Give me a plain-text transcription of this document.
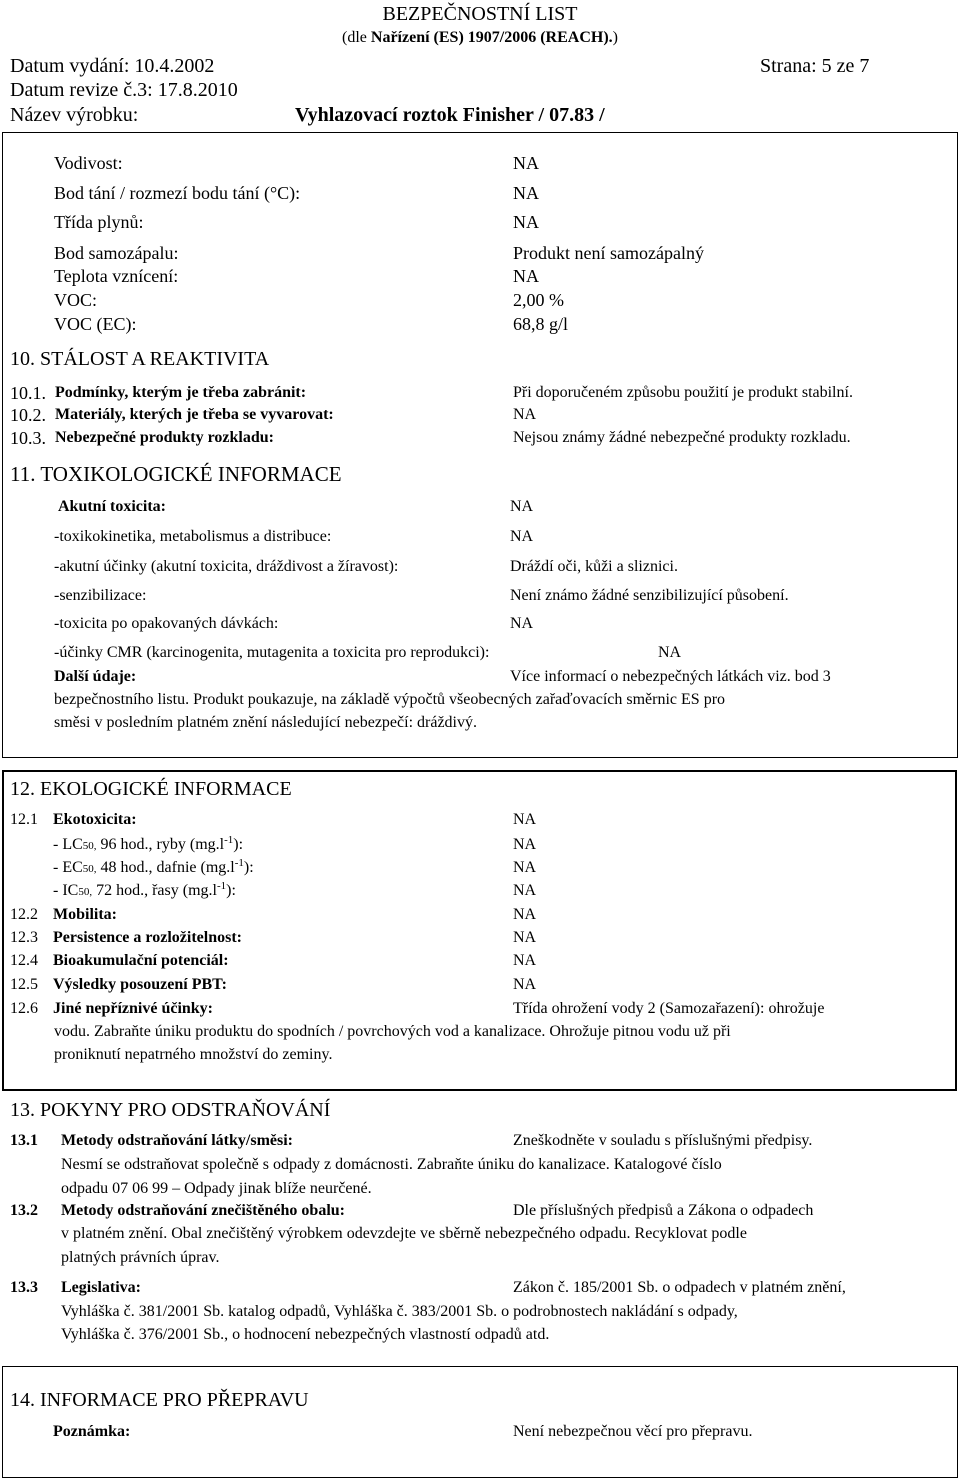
BEZPEČNOSTNÍ LIST
(dle Nařízení (ES) 1907/2006 (REACH).)
Datum vydání: 10.4.2002	Strana: 5 ze 7
Datum revize č.3: 17.8.2010
Název výrobku:	Vyhlazovací roztok Finisher / 07.83 /
Vodivost:	NA
Bod tání / rozmezí bodu tání (°C):	NA
Třída plynů:	NA
Bod samozápalu:	Produkt není samozápalný
Teplota vznícení:	NA
VOC:	2,00 %
VOC (EC):	68,8 g/l
10. STÁLOST A REAKTIVITA
10.1. Podmínky, kterým je třeba zabránit:	Při doporučeném způsobu použití je produkt stabilní.
10.2. Materiály, kterých je třeba se vyvarovat:	NA
10.3. Nebezpečné produkty rozkladu:	Nejsou známy žádné nebezpečné produkty rozkladu.
11. TOXIKOLOGICKÉ INFORMACE
Akutní toxicita:	NA
-toxikokinetika, metabolismus a distribuce:	NA
-akutní účinky (akutní toxicita, dráždivost a žíravost):	Dráždí oči, kůži a sliznici.
-senzibilizace:	Není známo žádné senzibilizující působení.
-toxicita po opakovaných dávkách:	NA
-účinky CMR (karcinogenita, mutagenita a toxicita pro reprodukci):	NA
Další údaje:	Více informací o nebezpečných látkách viz. bod 3
bezpečnostního listu. Produkt poukazuje, na základě výpočtů všeobecných zařaďovacích směrnic ES pro
směsi v posledním platném znění následující nebezpečí: dráždivý.
12. EKOLOGICKÉ INFORMACE
12.1 Ekotoxicita:	NA
- LC50, 96 hod., ryby $(mg.l^{-1})$:	NA
- EC50, 48 hod., dafnie $(mg.l^{-1})$:	NA
- IC50, 72 hod., řasy $(mg.l^{-1})$:	NA
12.2 Mobilita:	NA
12.3 Persistence a rozložitelnost:	NA
12.4 Bioakumulační potenciál:	NA
12.5 Výsledky posouzení PBT:	NA
12.6 Jiné nepříznivé účinky:	Třída ohrožení vody 2 (Samozařazení): ohrožuje
vodu. Zabraňte úniku produktu do spodních / povrchových vod a kanalizace. Ohrožuje pitnou vodu už při
proniknutí nepatrného množství do zeminy.
13. POKYNY PRO ODSTRAŇOVÁNÍ
13.1 Metody odstraňování látky/směsi:	Zneškodněte v souladu s příslušnými předpisy.
Nesmí se odstraňovat společně s odpady z domácnosti. Zabraňte úniku do kanalizace. Katalogové číslo
odpadu 07 06 99 – Odpady jinak blíže neurčené.
13.2 Metody odstraňování znečištěného obalu:	Dle příslušných předpisů a Zákona o odpadech
v platném znění. Obal znečištěný výrobkem odevzdejte ve sběrně nebezpečného odpadu. Recyklovat podle
platných právních úprav.
13.3 Legislativa:	Zákon č. 185/2001 Sb. o odpadech v platném znění,
Vyhláška č. 381/2001 Sb. katalog odpadů, Vyhláška č. 383/2001 Sb. o podrobnostech nakládání s odpady,
Vyhláška č. 376/2001 Sb., o hodnocení nebezpečných vlastností odpadů atd.
14. INFORMACE PRO PŘEPRAVU
Poznámka:	Není nebezpečnou věcí pro přepravu.
